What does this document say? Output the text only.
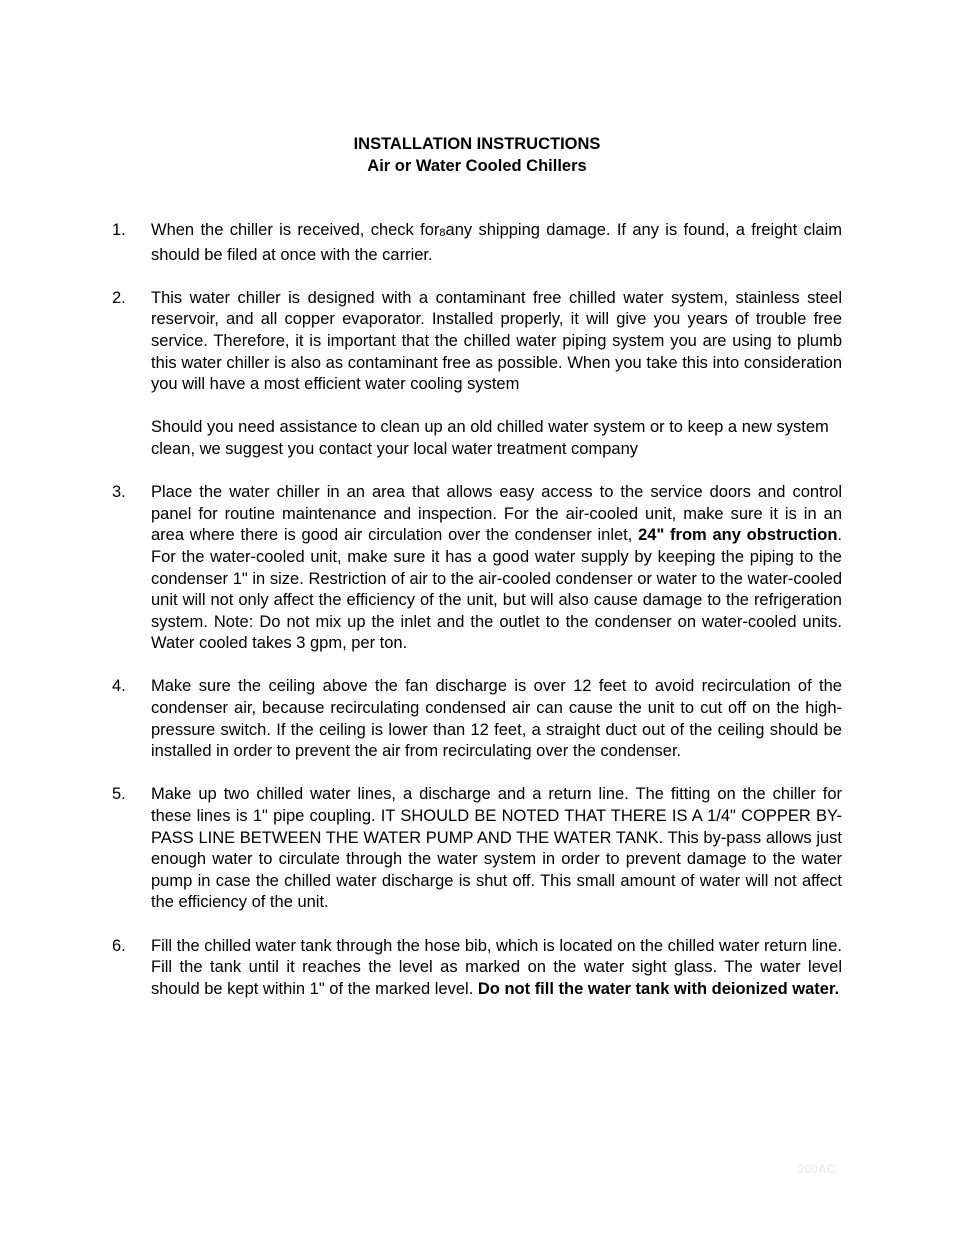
INSTALLATION INSTRUCTIONS
Air or Water Cooled Chillers
1.	When the chiller is received, check for8any shipping damage. If any is found, a freight claim should be filed at once with the carrier.

2.	This water chiller is designed with a contaminant free chilled water system, stainless steel reservoir, and all copper evaporator. Installed properly, it will give you years of trouble free service. Therefore, it is important that the chilled water piping system you are using to plumb this water chiller is also as contaminant free as possible. When you take this into consideration you will have a most efficient water cooling system

Should you need assistance to clean up an old chilled water system or to keep a new system clean, we suggest you contact your local water treatment company

3.	Place the water chiller in an area that allows easy access to the service doors and control panel for routine maintenance and inspection. For the air-cooled unit, make sure it is in an area where there is good air circulation over the condenser inlet, 24" from any obstruction. For the water-cooled unit, make sure it has a good water supply by keeping the piping to the condenser 1" in size. Restriction of air to the air-cooled condenser or water to the water-cooled unit will not only affect the efficiency of the unit, but will also cause damage to the refrigeration system. Note: Do not mix up the inlet and the outlet to the condenser on water-cooled units. Water cooled takes 3 gpm, per ton.

4.	Make sure the ceiling above the fan discharge is over 12 feet to avoid recirculation of the condenser air, because recirculating condensed air can cause the unit to cut off on the high-pressure switch. If the ceiling is lower than 12 feet, a straight duct out of the ceiling should be installed in order to prevent the air from recirculating over the condenser.

5.	Make up two chilled water lines, a discharge and a return line. The fitting on the chiller for these lines is 1" pipe coupling. IT SHOULD BE NOTED THAT THERE IS A 1/4" COPPER BY-PASS LINE BETWEEN THE WATER PUMP AND THE WATER TANK. This by-pass allows just enough water to circulate through the water system in order to prevent damage to the water pump in case the chilled water discharge is shut off. This small amount of water will not affect the efficiency of the unit.

6.	Fill the chilled water tank through the hose bib, which is located on the chilled water return line. Fill the tank until it reaches the level as marked on the water sight glass. The water level should be kept within 1" of the marked level. Do not fill the water tank with deionized water.

200AC
